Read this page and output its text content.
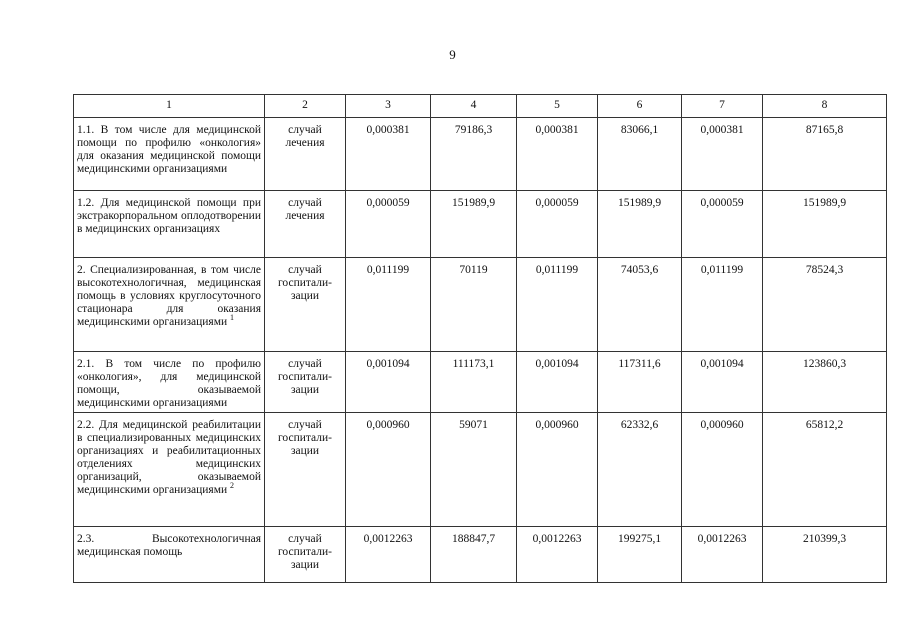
9
1	2	3	4	5	6	7	8
1.1. В том числе для медицинской помощи по профилю «онкология» для оказания медицинской помощи медицинскими организациями	случай лечения	0,000381	79186,3	0,000381	83066,1	0,000381	87165,8
1.2. Для медицинской помощи при экстракорпоральном оплодотворении в медицинских организациях	случай лечения	0,000059	151989,9	0,000059	151989,9	0,000059	151989,9
2. Специализированная, в том числе высокотехнологичная, медицинская помощь в условиях круглосуточного стационара для оказания медицинскими организациями $^1$	случай госпитали-зации	0,011199	70119	0,011199	74053,6	0,011199	78524,3
2.1. В том числе по профилю «онкология», для медицинской помощи, оказываемой медицинскими организациями	случай госпитали-зации	0,001094	111173,1	0,001094	117311,6	0,001094	123860,3
2.2. Для медицинской реабилитации в специализированных медицинских организациях и реабилитационных отделениях медицинских организаций, оказываемой медицинскими организациями $^2$	случай госпитали-зации	0,000960	59071	0,000960	62332,6	0,000960	65812,2
2.3. Высокотехнологичная медицинская помощь	случай госпитали-зации	0,0012263	188847,7	0,0012263	199275,1	0,0012263	210399,3
